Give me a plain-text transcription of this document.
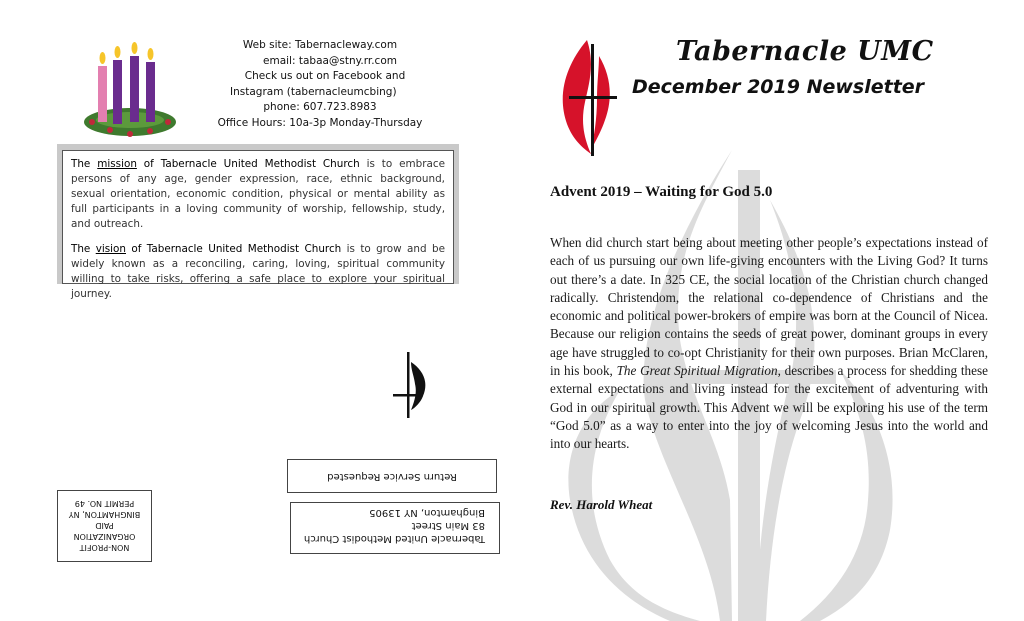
Web site: Tabernacleway.com
email: tabaa@stny.rr.com
Check us out on Facebook and
Instagram (tabernacleumcbing)
phone: 607.723.8983
Office Hours: 10a-3p Monday-Thursday

The mission of Tabernacle United Methodist Church is to embrace persons of any age, gender expression, race, ethnic background, sexual orientation, economic condition, physical or mental ability as full participants in a loving community of worship, fellowship, study, and outreach.

The vision of Tabernacle United Methodist Church is to grow and be widely known as a reconciling, caring, loving, spiritual community willing to take risks, offering a safe place to explore your spiritual journey.

Return Service Requested
Tabernacle United Methodist Church
83 Main Street
Binghamton, NY 13905
NON-PROFIT
ORGANIZATION
PAID
BINGHAMTON, NY
PERMIT NO. 49
Tabernacle UMC
December 2019 Newsletter
Advent 2019 – Waiting for God 5.0
When did church start being about meeting other people’s expectations instead of each of us pursuing our own life-giving encounters with the Living God? It turns out there’s a date. In 325 CE, the social location of the Christian church changed radically. Christendom, the relational co-dependence of Christians and the economic and political power-brokers of empire was born at the Council of Nicea. Because our religion contains the seeds of great power, dominant groups in every age have struggled to co-opt Christianity for their own purposes. Brian McClaren, in his book, The Great Spiritual Migration, describes a process for shedding these external expectations and living instead for the excitement of adventuring with God in our spiritual growth. This Advent we will be exploring his use of the term “God 5.0” as a way to enter into the joy of welcoming Jesus into the world and into our hearts.
Rev. Harold Wheat
